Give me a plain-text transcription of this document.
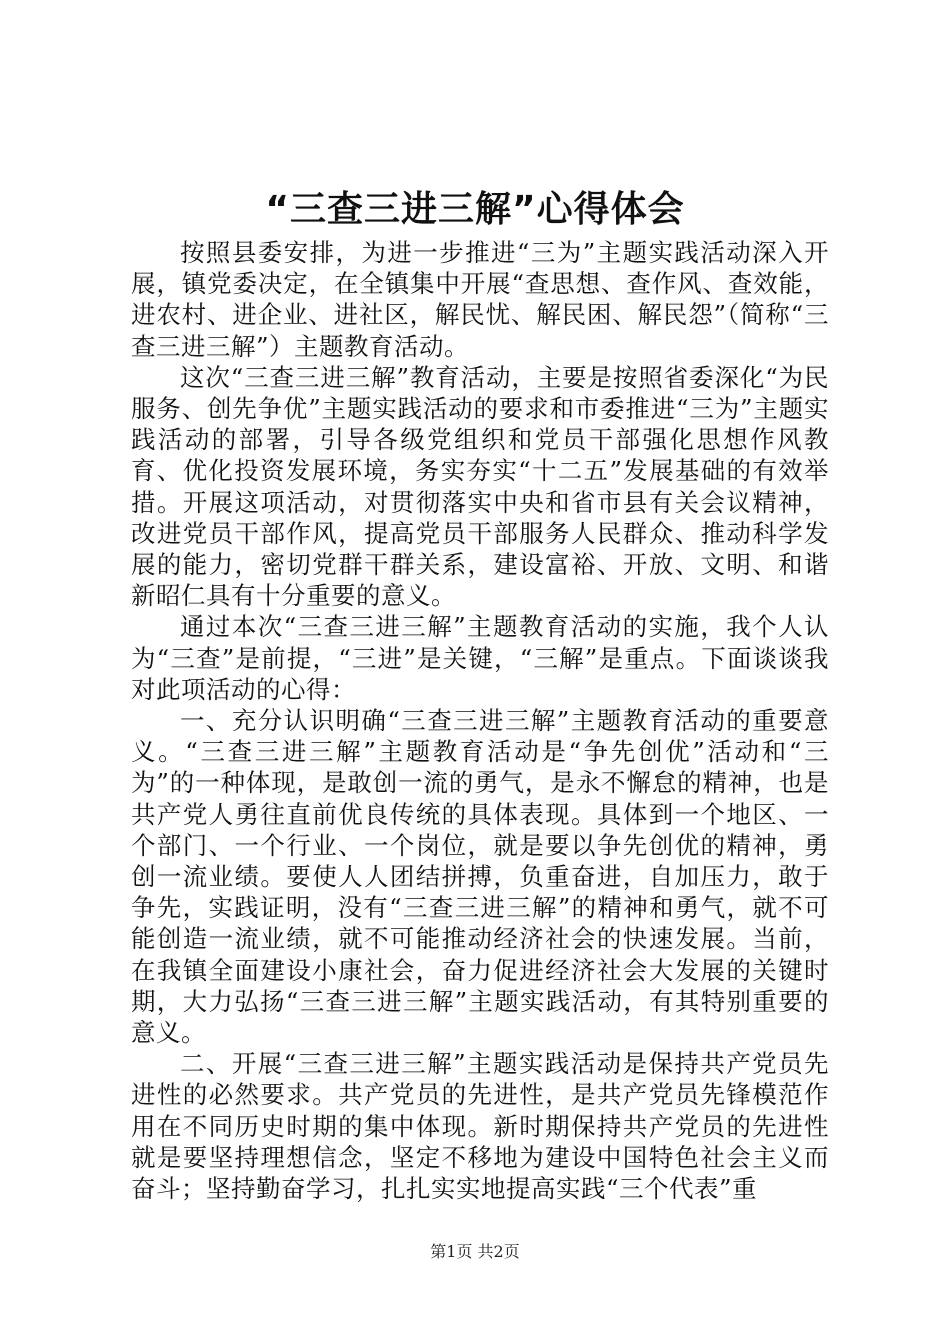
“三查三进三解”心得体会

按照县委安排，为进一步推进“三为”主题实践活动深入开展，镇党委决定，在全镇集中开展“查思想、查作风、查效能，进农村、进企业、进社区，解民忧、解民困、解民怨”（简称“三查三进三解”）主题教育活动。

这次“三查三进三解”教育活动，主要是按照省委深化“为民服务、创先争优”主题实践活动的要求和市委推进“三为”主题实践活动的部署，引导各级党组织和党员干部强化思想作风教育、优化投资发展环境，务实夯实“十二五”发展基础的有效举措。开展这项活动，对贯彻落实中央和省市县有关会议精神，改进党员干部作风，提高党员干部服务人民群众、推动科学发展的能力，密切党群干群关系，建设富裕、开放、文明、和谐新昭仁具有十分重要的意义。

通过本次“三查三进三解”主题教育活动的实施，我个人认为“三查”是前提，“三进”是关键，“三解”是重点。下面谈谈我对此项活动的心得：

一、充分认识明确“三查三进三解”主题教育活动的重要意义。“三查三进三解”主题教育活动是“争先创优”活动和“三为”的一种体现，是敢创一流的勇气，是永不懈怠的精神，也是共产党人勇往直前优良传统的具体表现。具体到一个地区、一个部门、一个行业、一个岗位，就是要以争先创优的精神，勇创一流业绩。要使人人团结拼搏，负重奋进，自加压力，敢于争先，实践证明，没有“三查三进三解”的精神和勇气，就不可能创造一流业绩，就不可能推动经济社会的快速发展。当前，在我镇全面建设小康社会，奋力促进经济社会大发展的关键时期，大力弘扬“三查三进三解”主题实践活动，有其特别重要的意义。

二、开展“三查三进三解”主题实践活动是保持共产党员先进性的必然要求。共产党员的先进性，是共产党员先锋模范作用在不同历史时期的集中体现。新时期保持共产党员的先进性就是要坚持理想信念，坚定不移地为建设中国特色社会主义而奋斗；坚持勤奋学习，扎扎实实地提高实践“三个代表”重

第1页 共2页
